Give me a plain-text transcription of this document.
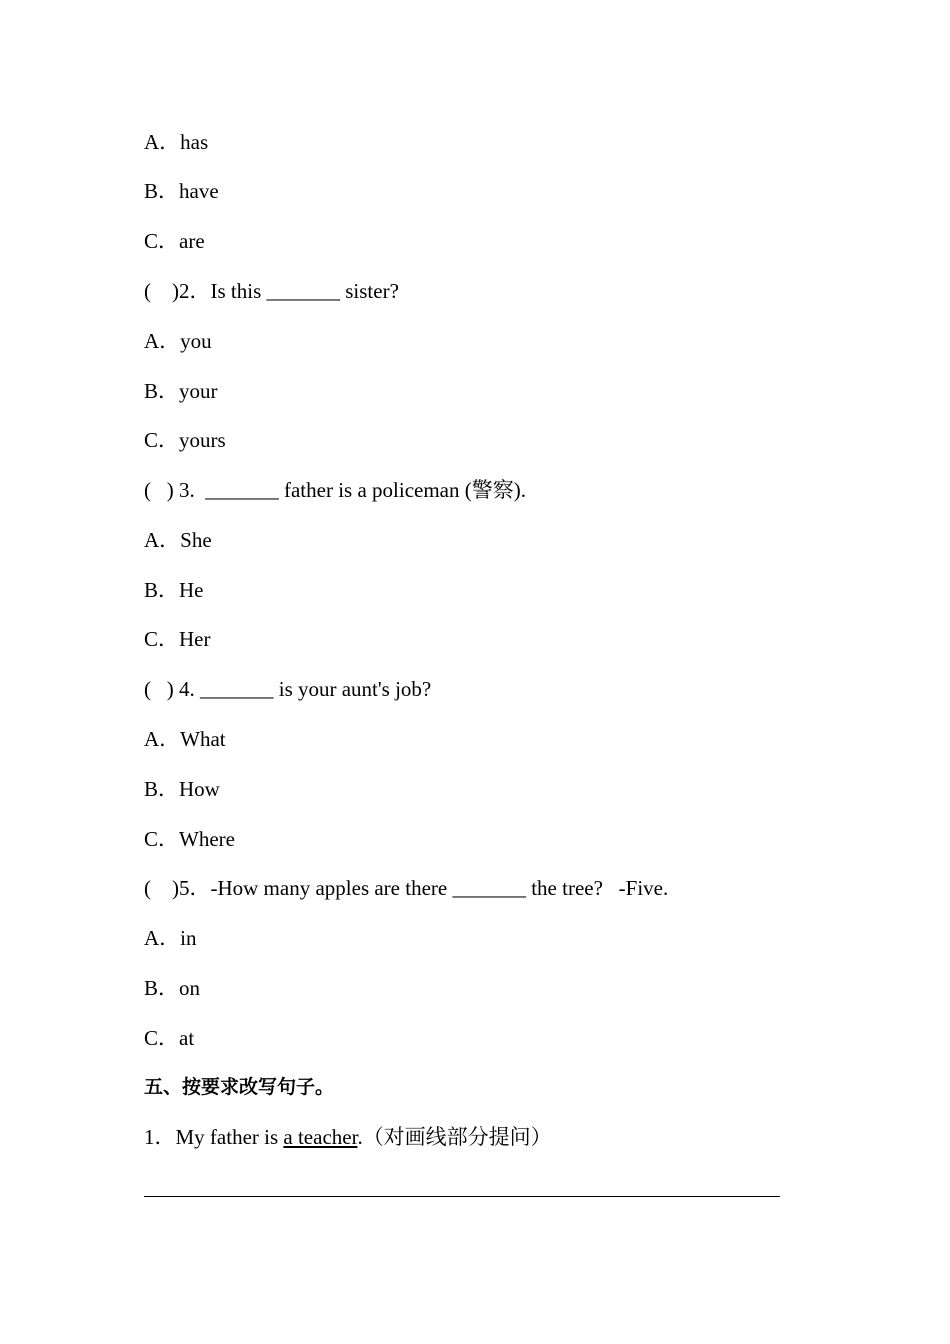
A．has
B．have
C．are
(    )2．Is this _______ sister?
A．you
B．your
C．yours
(   ) 3.  _______ father is a policeman (警察).
A．She
B．He
C．Her
(   ) 4. _______ is your aunt's job?
A．What
B．How
C．Where
(    )5．-How many apples are there _______ the tree?   -Five.
A．in
B．on
C．at
五、按要求改写句子。
1．My father is a teacher.（对画线部分提问）
